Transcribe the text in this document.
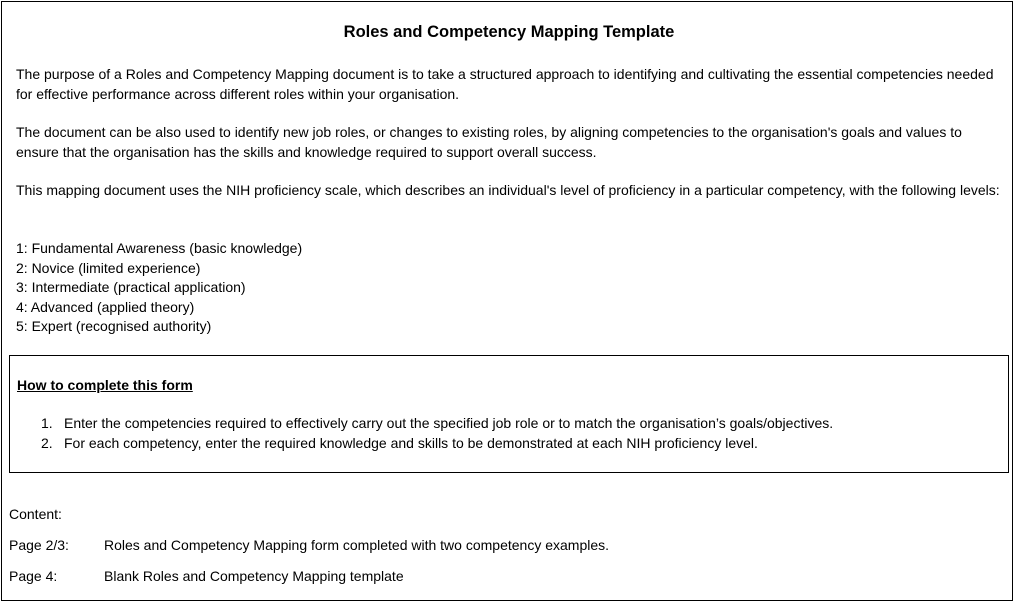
Roles and Competency Mapping Template

The purpose of a Roles and Competency Mapping document is to take a structured approach to identifying and cultivating the essential competencies needed for effective performance across different roles within your organisation.

The document can be also used to identify new job roles, or changes to existing roles, by aligning competencies to the organisation's goals and values to ensure that the organisation has the skills and knowledge required to support overall success.

This mapping document uses the NIH proficiency scale, which describes an individual's level of proficiency in a particular competency, with the following levels:

1: Fundamental Awareness (basic knowledge)
2: Novice (limited experience)
3: Intermediate (practical application)
4: Advanced (applied theory)
5: Expert (recognised authority)
How to complete this form
1. Enter the competencies required to effectively carry out the specified job role or to match the organisation’s goals/objectives.
2. For each competency, enter the required knowledge and skills to be demonstrated at each NIH proficiency level.
Content:
Page 2/3:	Roles and Competency Mapping form completed with two competency examples.
Page 4:	Blank Roles and Competency Mapping template
